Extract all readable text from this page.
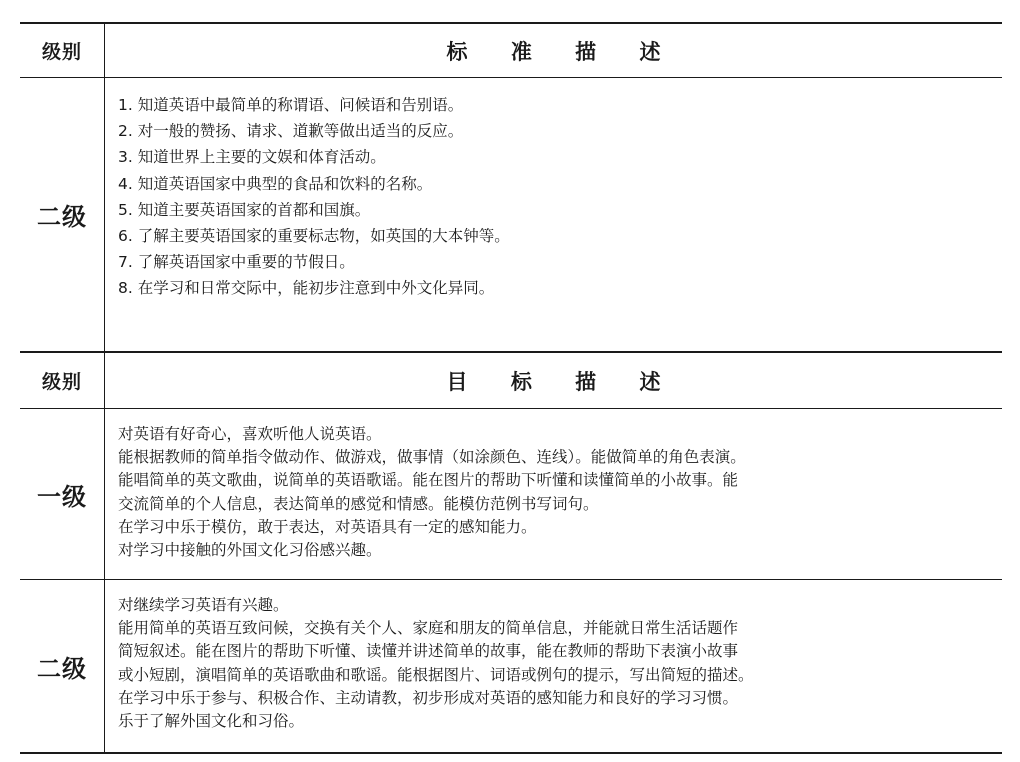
级别	标 准 描 述
二级
1. 知道英语中最简单的称谓语、问候语和告别语。
2. 对一般的赞扬、请求、道歉等做出适当的反应。
3. 知道世界上主要的文娱和体育活动。
4. 知道英语国家中典型的食品和饮料的名称。
5. 知道主要英语国家的首都和国旗。
6. 了解主要英语国家的重要标志物，如英国的大本钟等。
7. 了解英语国家中重要的节假日。
8. 在学习和日常交际中，能初步注意到中外文化异同。
级别	目 标 描 述
一级
对英语有好奇心，喜欢听他人说英语。
能根据教师的简单指令做动作、做游戏，做事情（如涂颜色、连线）。能做简单的角色表演。
能唱简单的英文歌曲，说简单的英语歌谣。能在图片的帮助下听懂和读懂简单的小故事。能
交流简单的个人信息，表达简单的感觉和情感。能模仿范例书写词句。
在学习中乐于模仿，敢于表达，对英语具有一定的感知能力。
对学习中接触的外国文化习俗感兴趣。
二级
对继续学习英语有兴趣。
能用简单的英语互致问候，交换有关个人、家庭和朋友的简单信息，并能就日常生活话题作
简短叙述。能在图片的帮助下听懂、读懂并讲述简单的故事，能在教师的帮助下表演小故事
或小短剧，演唱简单的英语歌曲和歌谣。能根据图片、词语或例句的提示，写出简短的描述。
在学习中乐于参与、积极合作、主动请教，初步形成对英语的感知能力和良好的学习习惯。
乐于了解外国文化和习俗。
